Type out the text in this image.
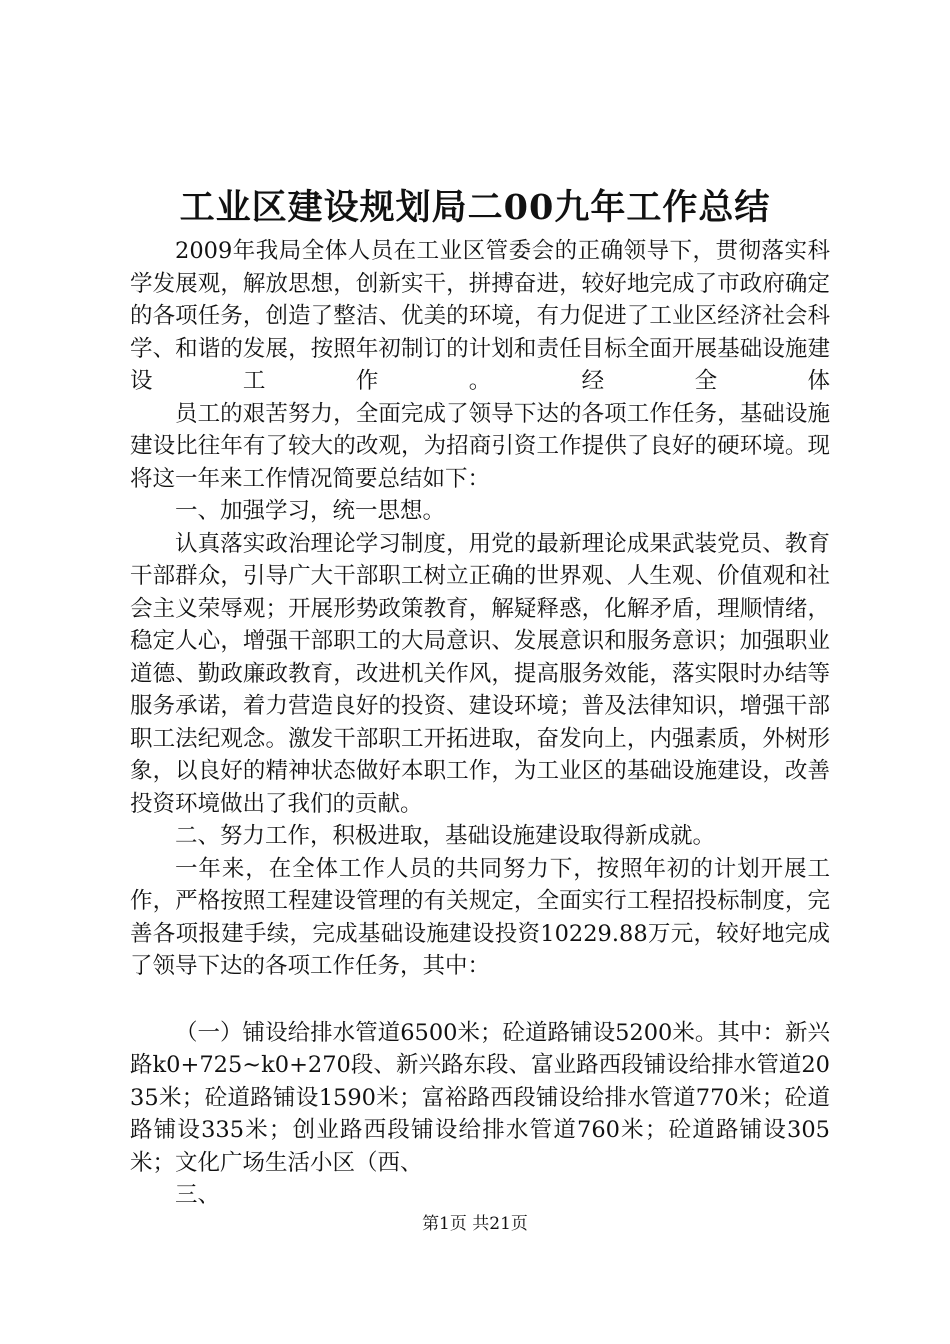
工业区建设规划局二00九年工作总结

2009年我局全体人员在工业区管委会的正确领导下，贯彻落实科学发展观，解放思想，创新实干，拼搏奋进，较好地完成了市政府确定的各项任务，创造了整洁、优美的环境，有力促进了工业区经济社会科学、和谐的发展，按照年初制订的计划和责任目标全面开展基础设施建设工作。经全体

员工的艰苦努力，全面完成了领导下达的各项工作任务，基础设施建设比往年有了较大的改观，为招商引资工作提供了良好的硬环境。现将这一年来工作情况简要总结如下：

一、加强学习，统一思想。

认真落实政治理论学习制度，用党的最新理论成果武装党员、教育干部群众，引导广大干部职工树立正确的世界观、人生观、价值观和社会主义荣辱观；开展形势政策教育，解疑释惑，化解矛盾，理顺情绪，稳定人心，增强干部职工的大局意识、发展意识和服务意识；加强职业道德、勤政廉政教育，改进机关作风，提高服务效能，落实限时办结等服务承诺，着力营造良好的投资、建设环境；普及法律知识，增强干部职工法纪观念。激发干部职工开拓进取，奋发向上，内强素质，外树形象，以良好的精神状态做好本职工作，为工业区的基础设施建设，改善投资环境做出了我们的贡献。

二、努力工作，积极进取，基础设施建设取得新成就。

一年来，在全体工作人员的共同努力下，按照年初的计划开展工作，严格按照工程建设管理的有关规定，全面实行工程招投标制度，完善各项报建手续，完成基础设施建设投资10229.88万元，较好地完成了领导下达的各项工作任务，其中：

（一）铺设给排水管道6500米；砼道路铺设5200米。其中：新兴路k0+725~k0+270段、新兴路东段、富业路西段铺设给排水管道2035米；砼道路铺设1590米；富裕路西段铺设给排水管道770米；砼道路铺设335米；创业路西段铺设给排水管道760米；砼道路铺设305米；文化广场生活小区（西、

三、

第1页 共21页
